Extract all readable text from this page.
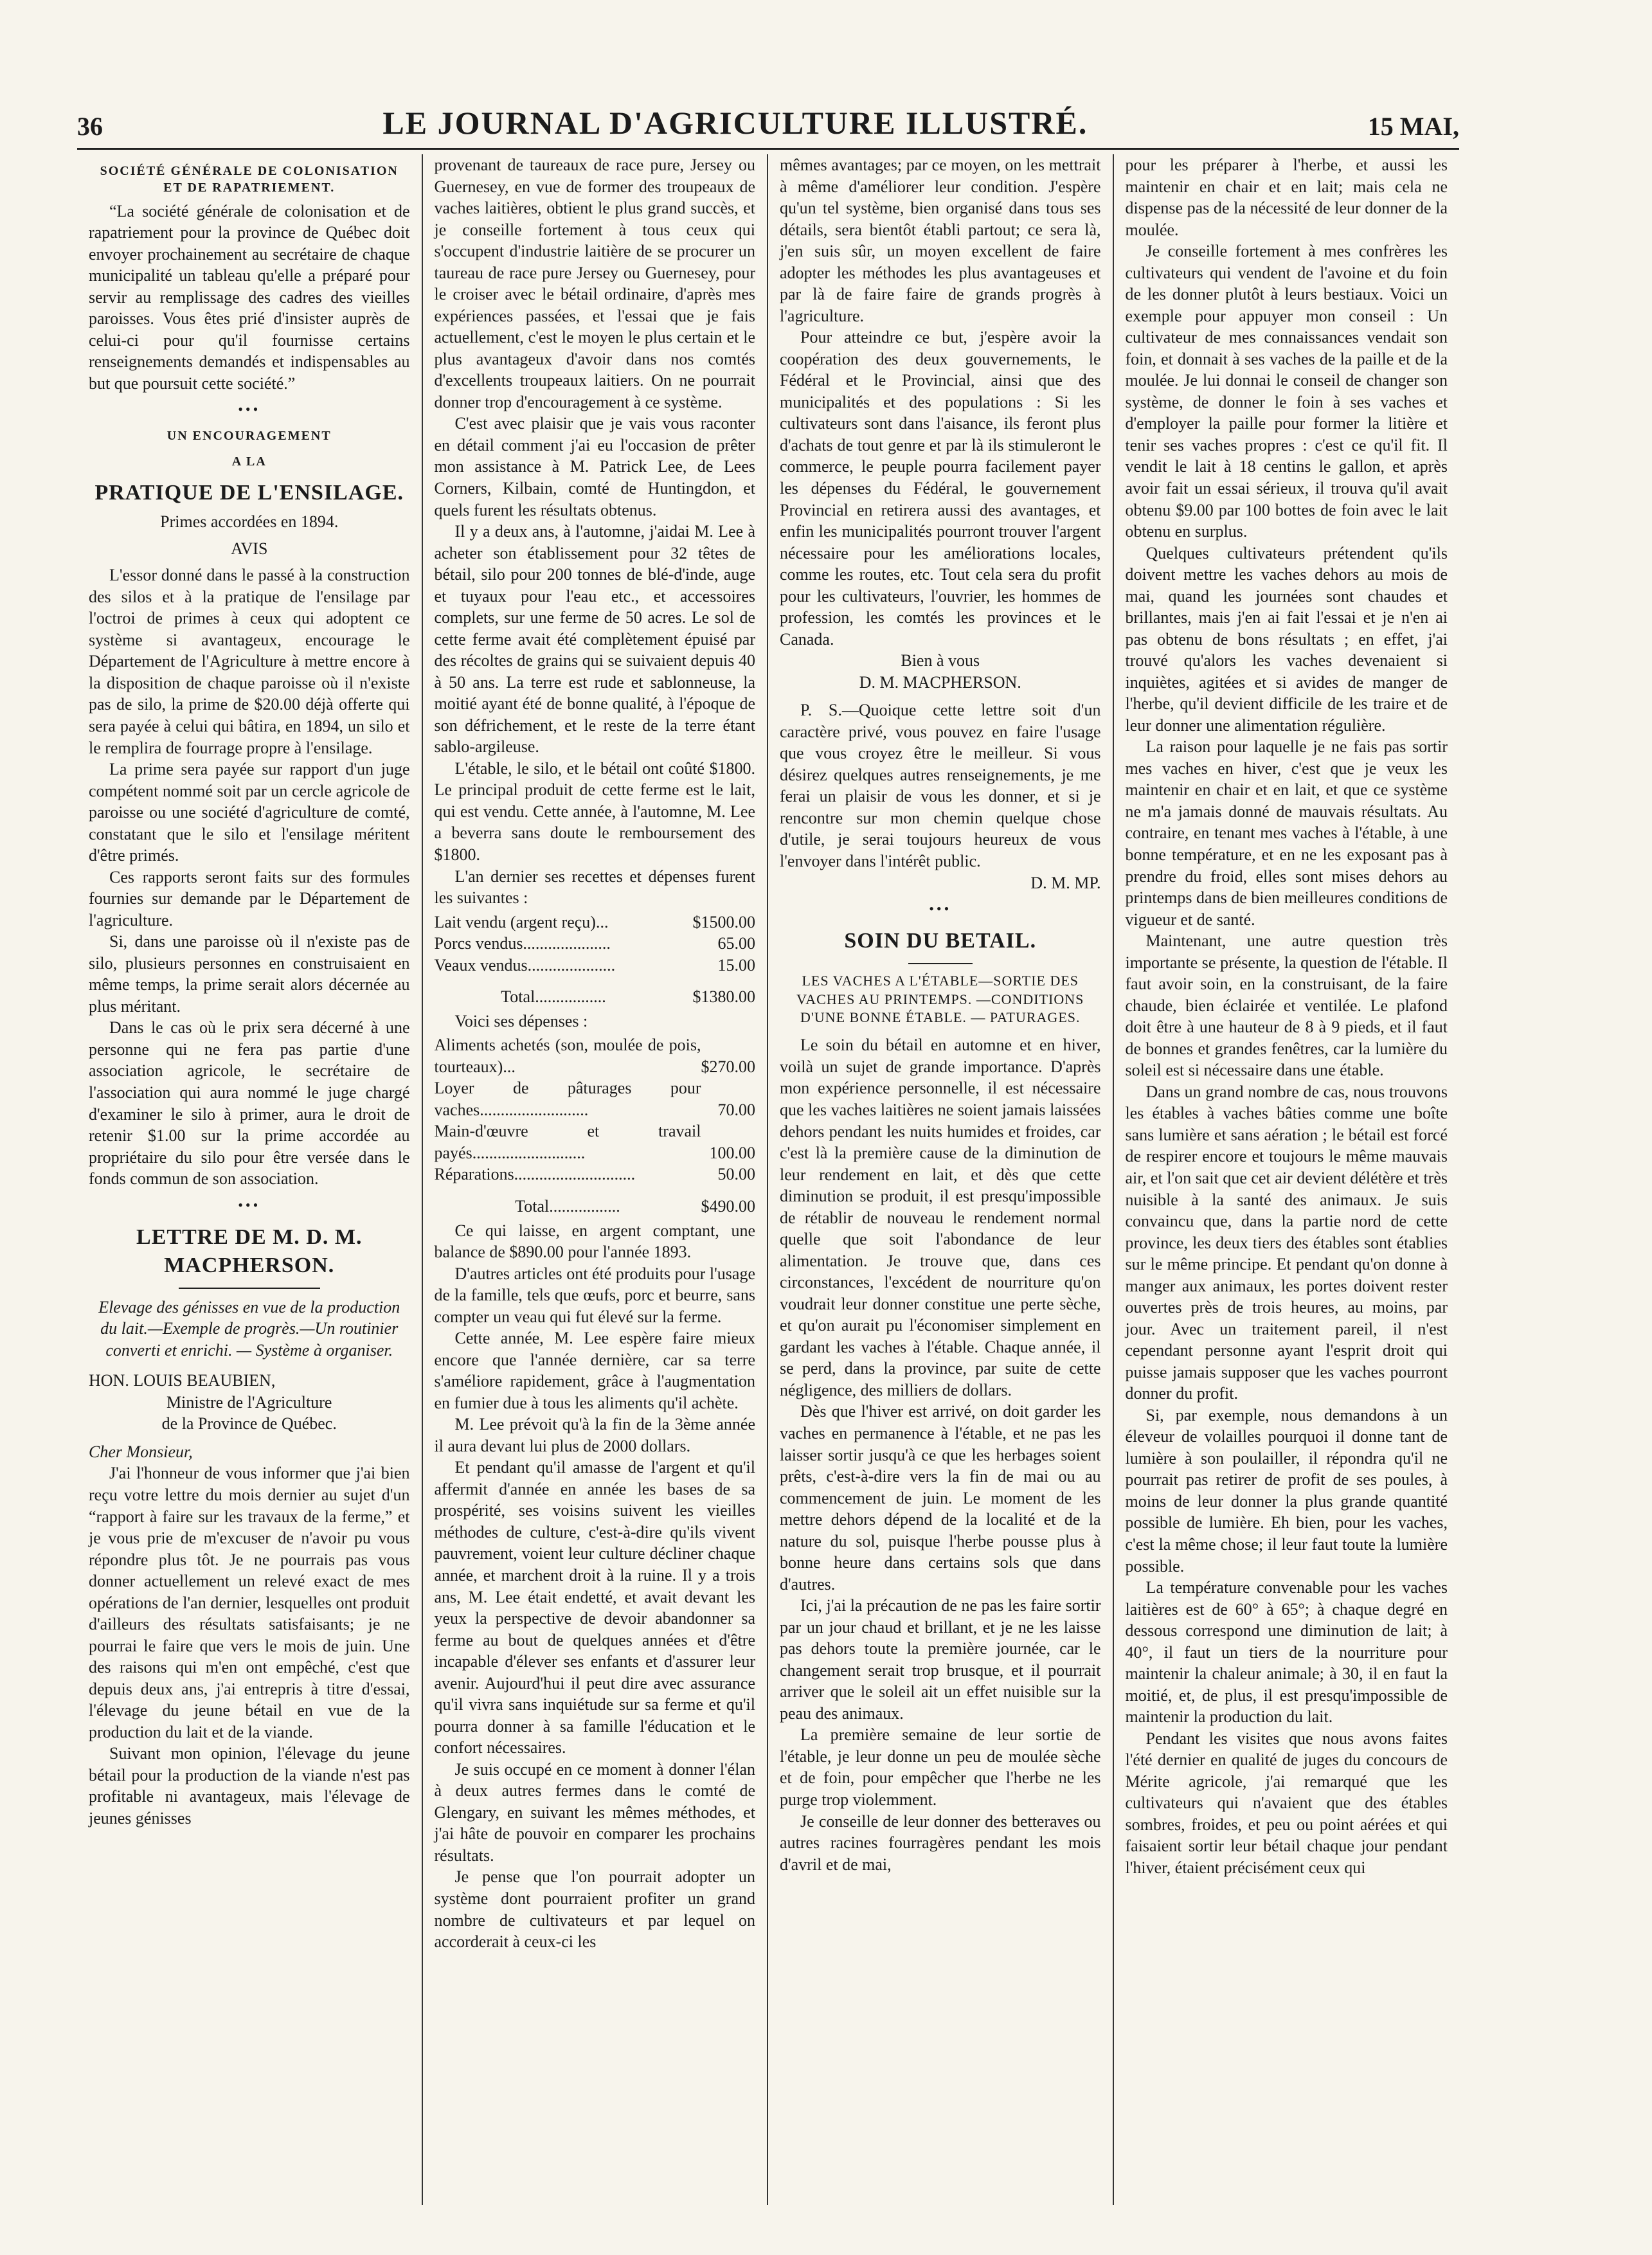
36	LE JOURNAL D'AGRICULTURE ILLUSTRÉ.	15 MAI,
SOCIÉTÉ GÉNÉRALE DE COLONISATION ET DE RAPATRIEMENT.

“La société générale de colonisation et de rapatriement pour la province de Québec doit envoyer prochainement au secrétaire de chaque municipalité un tableau qu'elle a préparé pour servir au remplissage des cadres des vieilles paroisses. Vous êtes prié d'insister auprès de celui-ci pour qu'il fournisse certains renseignements demandés et indispensables au but que poursuit cette société.”

•••
UN ENCOURAGEMENT
A LA
PRATIQUE DE L'ENSILAGE.
Primes accordées en 1894.
AVIS

L'essor donné dans le passé à la construction des silos et à la pratique de l'ensilage par l'octroi de primes à ceux qui adoptent ce système si avantageux, encourage le Département de l'Agriculture à mettre encore à la disposition de chaque paroisse où il n'existe pas de silo, la prime de $20.00 déjà offerte qui sera payée à celui qui bâtira, en 1894, un silo et le remplira de fourrage propre à l'ensilage.

La prime sera payée sur rapport d'un juge compétent nommé soit par un cercle agricole de paroisse ou une société d'agriculture de comté, constatant que le silo et l'ensilage méritent d'être primés.

Ces rapports seront faits sur des formules fournies sur demande par le Département de l'agriculture.

Si, dans une paroisse où il n'existe pas de silo, plusieurs personnes en construisaient en même temps, la prime serait alors décernée au plus méritant.

Dans le cas où le prix sera décerné à une personne qui ne fera pas partie d'une association agricole, le secrétaire de l'association qui aura nommé le juge chargé d'examiner le silo à primer, aura le droit de retenir $1.00 sur la prime accordée au propriétaire du silo pour être versée dans le fonds commun de son association.

•••
LETTRE DE M. D. M. MACPHERSON.

Elevage des génisses en vue de la production du lait.—Exemple de progrès.—Un routinier converti et enrichi. — Système à organiser.

HON. LOUIS BEAUBIEN,

Ministre de l'Agriculture

de la Province de Québec.

Cher Monsieur,

J'ai l'honneur de vous informer que j'ai bien reçu votre lettre du mois dernier au sujet d'un “rapport à faire sur les travaux de la ferme,” et je vous prie de m'excuser de n'avoir pu vous répondre plus tôt. Je ne pourrais pas vous donner actuellement un relevé exact de mes opérations de l'an dernier, lesquelles ont produit d'ailleurs des résultats satisfaisants; je ne pourrai le faire que vers le mois de juin. Une des raisons qui m'en ont empêché, c'est que depuis deux ans, j'ai entrepris à titre d'essai, l'élevage du jeune bétail en vue de la production du lait et de la viande.

Suivant mon opinion, l'élevage du jeune bétail pour la production de la viande n'est pas profitable ni avantageux, mais l'élevage de jeunes génisses

provenant de taureaux de race pure, Jersey ou Guernesey, en vue de former des troupeaux de vaches laitières, obtient le plus grand succès, et je conseille fortement à tous ceux qui s'occupent d'industrie laitière de se procurer un taureau de race pure Jersey ou Guernesey, pour le croiser avec le bétail ordinaire, d'après mes expériences passées, et l'essai que je fais actuellement, c'est le moyen le plus certain et le plus avantageux d'avoir dans nos comtés d'excellents troupeaux laitiers. On ne pourrait donner trop d'encouragement à ce système.

C'est avec plaisir que je vais vous raconter en détail comment j'ai eu l'occasion de prêter mon assistance à M. Patrick Lee, de Lees Corners, Kilbain, comté de Huntingdon, et quels furent les résultats obtenus.

Il y a deux ans, à l'automne, j'aidai M. Lee à acheter son établissement pour 32 têtes de bétail, silo pour 200 tonnes de blé-d'inde, auge et tuyaux pour l'eau etc., et accessoires complets, sur une ferme de 50 acres. Le sol de cette ferme avait été complètement épuisé par des récoltes de grains qui se suivaient depuis 40 à 50 ans. La terre est rude et sablonneuse, la moitié ayant été de bonne qualité, à l'époque de son défrichement, et le reste de la terre étant sablo-argileuse.

L'étable, le silo, et le bétail ont coûté $1800. Le principal produit de cette ferme est le lait, qui est vendu. Cette année, à l'automne, M. Lee a beverra sans doute le remboursement des $1800.

L'an dernier ses recettes et dépenses furent les suivantes :

Lait vendu (argent reçu)...	$1500.00
Porcs vendus.....................	65.00
Veaux vendus.....................	15.00
Total.................	$1380.00

Voici ses dépenses :

Aliments achetés (son, moulée de pois, tourteaux)...	$270.00
Loyer de pâturages pour vaches..........................	70.00
Main-d'œuvre et travail payés...........................	100.00
Réparations.............................	50.00
Total.................	$490.00

Ce qui laisse, en argent comptant, une balance de $890.00 pour l'année 1893.

D'autres articles ont été produits pour l'usage de la famille, tels que œufs, porc et beurre, sans compter un veau qui fut élevé sur la ferme.

Cette année, M. Lee espère faire mieux encore que l'année dernière, car sa terre s'améliore rapidement, grâce à l'augmentation en fumier due à tous les aliments qu'il achète.

M. Lee prévoit qu'à la fin de la 3ème année il aura devant lui plus de 2000 dollars.

Et pendant qu'il amasse de l'argent et qu'il affermit d'année en année les bases de sa prospérité, ses voisins suivent les vieilles méthodes de culture, c'est-à-dire qu'ils vivent pauvrement, voient leur culture décliner chaque année, et marchent droit à la ruine. Il y a trois ans, M. Lee était endetté, et avait devant les yeux la perspective de devoir abandonner sa ferme au bout de quelques années et d'être incapable d'élever ses enfants et d'assurer leur avenir. Aujourd'hui il peut dire avec assurance qu'il vivra sans inquiétude sur sa ferme et qu'il pourra donner à sa famille l'éducation et le confort nécessaires.

Je suis occupé en ce moment à donner l'élan à deux autres fermes dans le comté de Glengary, en suivant les mêmes méthodes, et j'ai hâte de pouvoir en comparer les prochains résultats.

Je pense que l'on pourrait adopter un système dont pourraient profiter un grand nombre de cultivateurs et par lequel on accorderait à ceux-ci les

mêmes avantages; par ce moyen, on les mettrait à même d'améliorer leur condition. J'espère qu'un tel système, bien organisé dans tous ses détails, sera bientôt établi partout; ce sera là, j'en suis sûr, un moyen excellent de faire adopter les méthodes les plus avantageuses et par là de faire faire de grands progrès à l'agriculture.

Pour atteindre ce but, j'espère avoir la coopération des deux gouvernements, le Fédéral et le Provincial, ainsi que des municipalités et des populations : Si les cultivateurs sont dans l'aisance, ils feront plus d'achats de tout genre et par là ils stimuleront le commerce, le peuple pourra facilement payer les dépenses du Fédéral, le gouvernement Provincial en retirera aussi des avantages, et enfin les municipalités pourront trouver l'argent nécessaire pour les améliorations locales, comme les routes, etc. Tout cela sera du profit pour les cultivateurs, l'ouvrier, les hommes de profession, les comtés les provinces et le Canada.

Bien à vous

D. M. MACPHERSON.

P. S.—Quoique cette lettre soit d'un caractère privé, vous pouvez en faire l'usage que vous croyez être le meilleur. Si vous désirez quelques autres renseignements, je me ferai un plaisir de vous les donner, et si je rencontre sur mon chemin quelque chose d'utile, je serai toujours heureux de vous l'envoyer dans l'intérêt public.

D. M. MP.

•••
SOIN DU BETAIL.

LES VACHES A L'ÉTABLE—SORTIE DES VACHES AU PRINTEMPS. —CONDITIONS D'UNE BONNE ÉTABLE. — PATURAGES.

Le soin du bétail en automne et en hiver, voilà un sujet de grande importance. D'après mon expérience personnelle, il est nécessaire que les vaches laitières ne soient jamais laissées dehors pendant les nuits humides et froides, car c'est là la première cause de la diminution de leur rendement en lait, et dès que cette diminution se produit, il est presqu'impossible de rétablir de nouveau le rendement normal quelle que soit l'abondance de leur alimentation. Je trouve que, dans ces circonstances, l'excédent de nourriture qu'on voudrait leur donner constitue une perte sèche, et qu'on aurait pu l'économiser simplement en gardant les vaches à l'étable. Chaque année, il se perd, dans la province, par suite de cette négligence, des milliers de dollars.

Dès que l'hiver est arrivé, on doit garder les vaches en permanence à l'étable, et ne pas les laisser sortir jusqu'à ce que les herbages soient prêts, c'est-à-dire vers la fin de mai ou au commencement de juin. Le moment de les mettre dehors dépend de la localité et de la nature du sol, puisque l'herbe pousse plus à bonne heure dans certains sols que dans d'autres.

Ici, j'ai la précaution de ne pas les faire sortir par un jour chaud et brillant, et je ne les laisse pas dehors toute la première journée, car le changement serait trop brusque, et il pourrait arriver que le soleil ait un effet nuisible sur la peau des animaux.

La première semaine de leur sortie de l'étable, je leur donne un peu de moulée sèche et de foin, pour empêcher que l'herbe ne les purge trop violemment.

Je conseille de leur donner des betteraves ou autres racines fourragères pendant les mois d'avril et de mai,

pour les préparer à l'herbe, et aussi les maintenir en chair et en lait; mais cela ne dispense pas de la nécessité de leur donner de la moulée.

Je conseille fortement à mes confrères les cultivateurs qui vendent de l'avoine et du foin de les donner plutôt à leurs bestiaux. Voici un exemple pour appuyer mon conseil : Un cultivateur de mes connaissances vendait son foin, et donnait à ses vaches de la paille et de la moulée. Je lui donnai le conseil de changer son système, de donner le foin à ses vaches et d'employer la paille pour former la litière et tenir ses vaches propres : c'est ce qu'il fit. Il vendit le lait à 18 centins le gallon, et après avoir fait un essai sérieux, il trouva qu'il avait obtenu $9.00 par 100 bottes de foin avec le lait obtenu en surplus.

Quelques cultivateurs prétendent qu'ils doivent mettre les vaches dehors au mois de mai, quand les journées sont chaudes et brillantes, mais j'en ai fait l'essai et je n'en ai pas obtenu de bons résultats ; en effet, j'ai trouvé qu'alors les vaches devenaient si inquiètes, agitées et si avides de manger de l'herbe, qu'il devient difficile de les traire et de leur donner une alimentation régulière.

La raison pour laquelle je ne fais pas sortir mes vaches en hiver, c'est que je veux les maintenir en chair et en lait, et que ce système ne m'a jamais donné de mauvais résultats. Au contraire, en tenant mes vaches à l'étable, à une bonne température, et en ne les exposant pas à prendre du froid, elles sont mises dehors au printemps dans de bien meilleures conditions de vigueur et de santé.

Maintenant, une autre question très importante se présente, la question de l'étable. Il faut avoir soin, en la construisant, de la faire chaude, bien éclairée et ventilée. Le plafond doit être à une hauteur de 8 à 9 pieds, et il faut de bonnes et grandes fenêtres, car la lumière du soleil est si nécessaire dans une étable.

Dans un grand nombre de cas, nous trouvons les étables à vaches bâties comme une boîte sans lumière et sans aération ; le bétail est forcé de respirer encore et toujours le même mauvais air, et l'on sait que cet air devient délétère et très nuisible à la santé des animaux. Je suis convaincu que, dans la partie nord de cette province, les deux tiers des étables sont établies sur le même principe. Et pendant qu'on donne à manger aux animaux, les portes doivent rester ouvertes près de trois heures, au moins, par jour. Avec un traitement pareil, il n'est cependant personne ayant l'esprit droit qui puisse jamais supposer que les vaches pourront donner du profit.

Si, par exemple, nous demandons à un éleveur de volailles pourquoi il donne tant de lumière à son poulailler, il répondra qu'il ne pourrait pas retirer de profit de ses poules, à moins de leur donner la plus grande quantité possible de lumière. Eh bien, pour les vaches, c'est la même chose; il leur faut toute la lumière possible.

La température convenable pour les vaches laitières est de 60° à 65°; à chaque degré en dessous correspond une diminution de lait; à 40°, il faut un tiers de la nourriture pour maintenir la chaleur animale; à 30, il en faut la moitié, et, de plus, il est presqu'impossible de maintenir la production du lait.

Pendant les visites que nous avons faites l'été dernier en qualité de juges du concours de Mérite agricole, j'ai remarqué que les cultivateurs qui n'avaient que des étables sombres, froides, et peu ou point aérées et qui faisaient sortir leur bétail chaque jour pendant l'hiver, étaient précisément ceux qui
